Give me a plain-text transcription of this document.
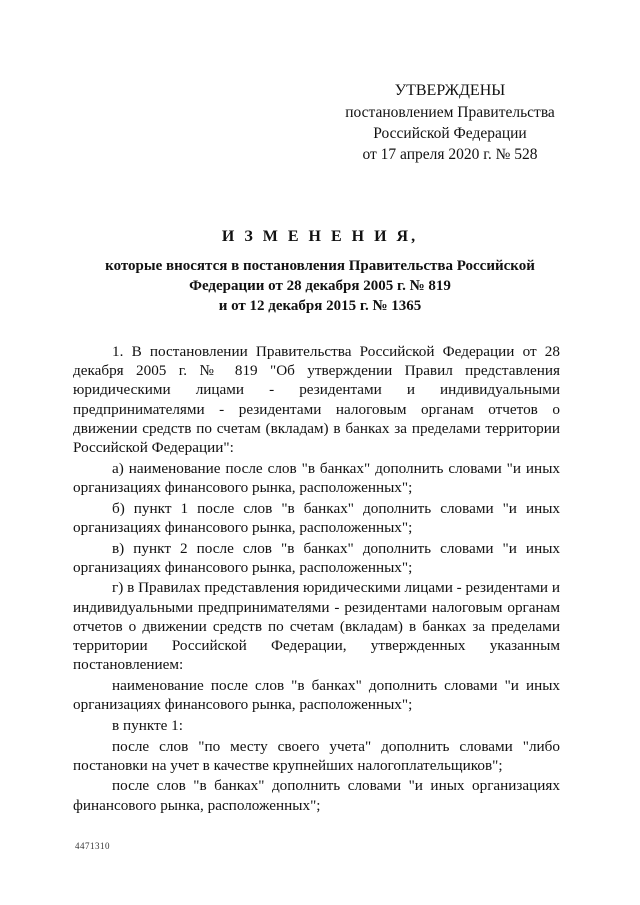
УТВЕРЖДЕНЫ
постановлением Правительства
Российской Федерации
от 17 апреля 2020 г. № 528
И З М Е Н Е Н И Я,
которые вносятся в постановления Правительства Российской
Федерации от 28 декабря 2005 г. № 819
и от 12 декабря 2015 г. № 1365

1. В постановлении Правительства Российской Федерации от 28 декабря 2005 г. № 819 "Об утверждении Правил представления юридическими лицами - резидентами и индивидуальными предпринимателями - резидентами налоговым органам отчетов о движении средств по счетам (вкладам) в банках за пределами территории Российской Федерации":

а) наименование после слов "в банках" дополнить словами "и иных организациях финансового рынка, расположенных";

б) пункт 1 после слов "в банках" дополнить словами "и иных организациях финансового рынка, расположенных";

в) пункт 2 после слов "в банках" дополнить словами "и иных организациях финансового рынка, расположенных";

г) в Правилах представления юридическими лицами - резидентами и индивидуальными предпринимателями - резидентами налоговым органам отчетов о движении средств по счетам (вкладам) в банках за пределами территории Российской Федерации, утвержденных указанным постановлением:

наименование после слов "в банках" дополнить словами "и иных организациях финансового рынка, расположенных";

в пункте 1:

после слов "по месту своего учета" дополнить словами "либо постановки на учет в качестве крупнейших налогоплательщиков";

после слов "в банках" дополнить словами "и иных организациях финансового рынка, расположенных";

4471310
